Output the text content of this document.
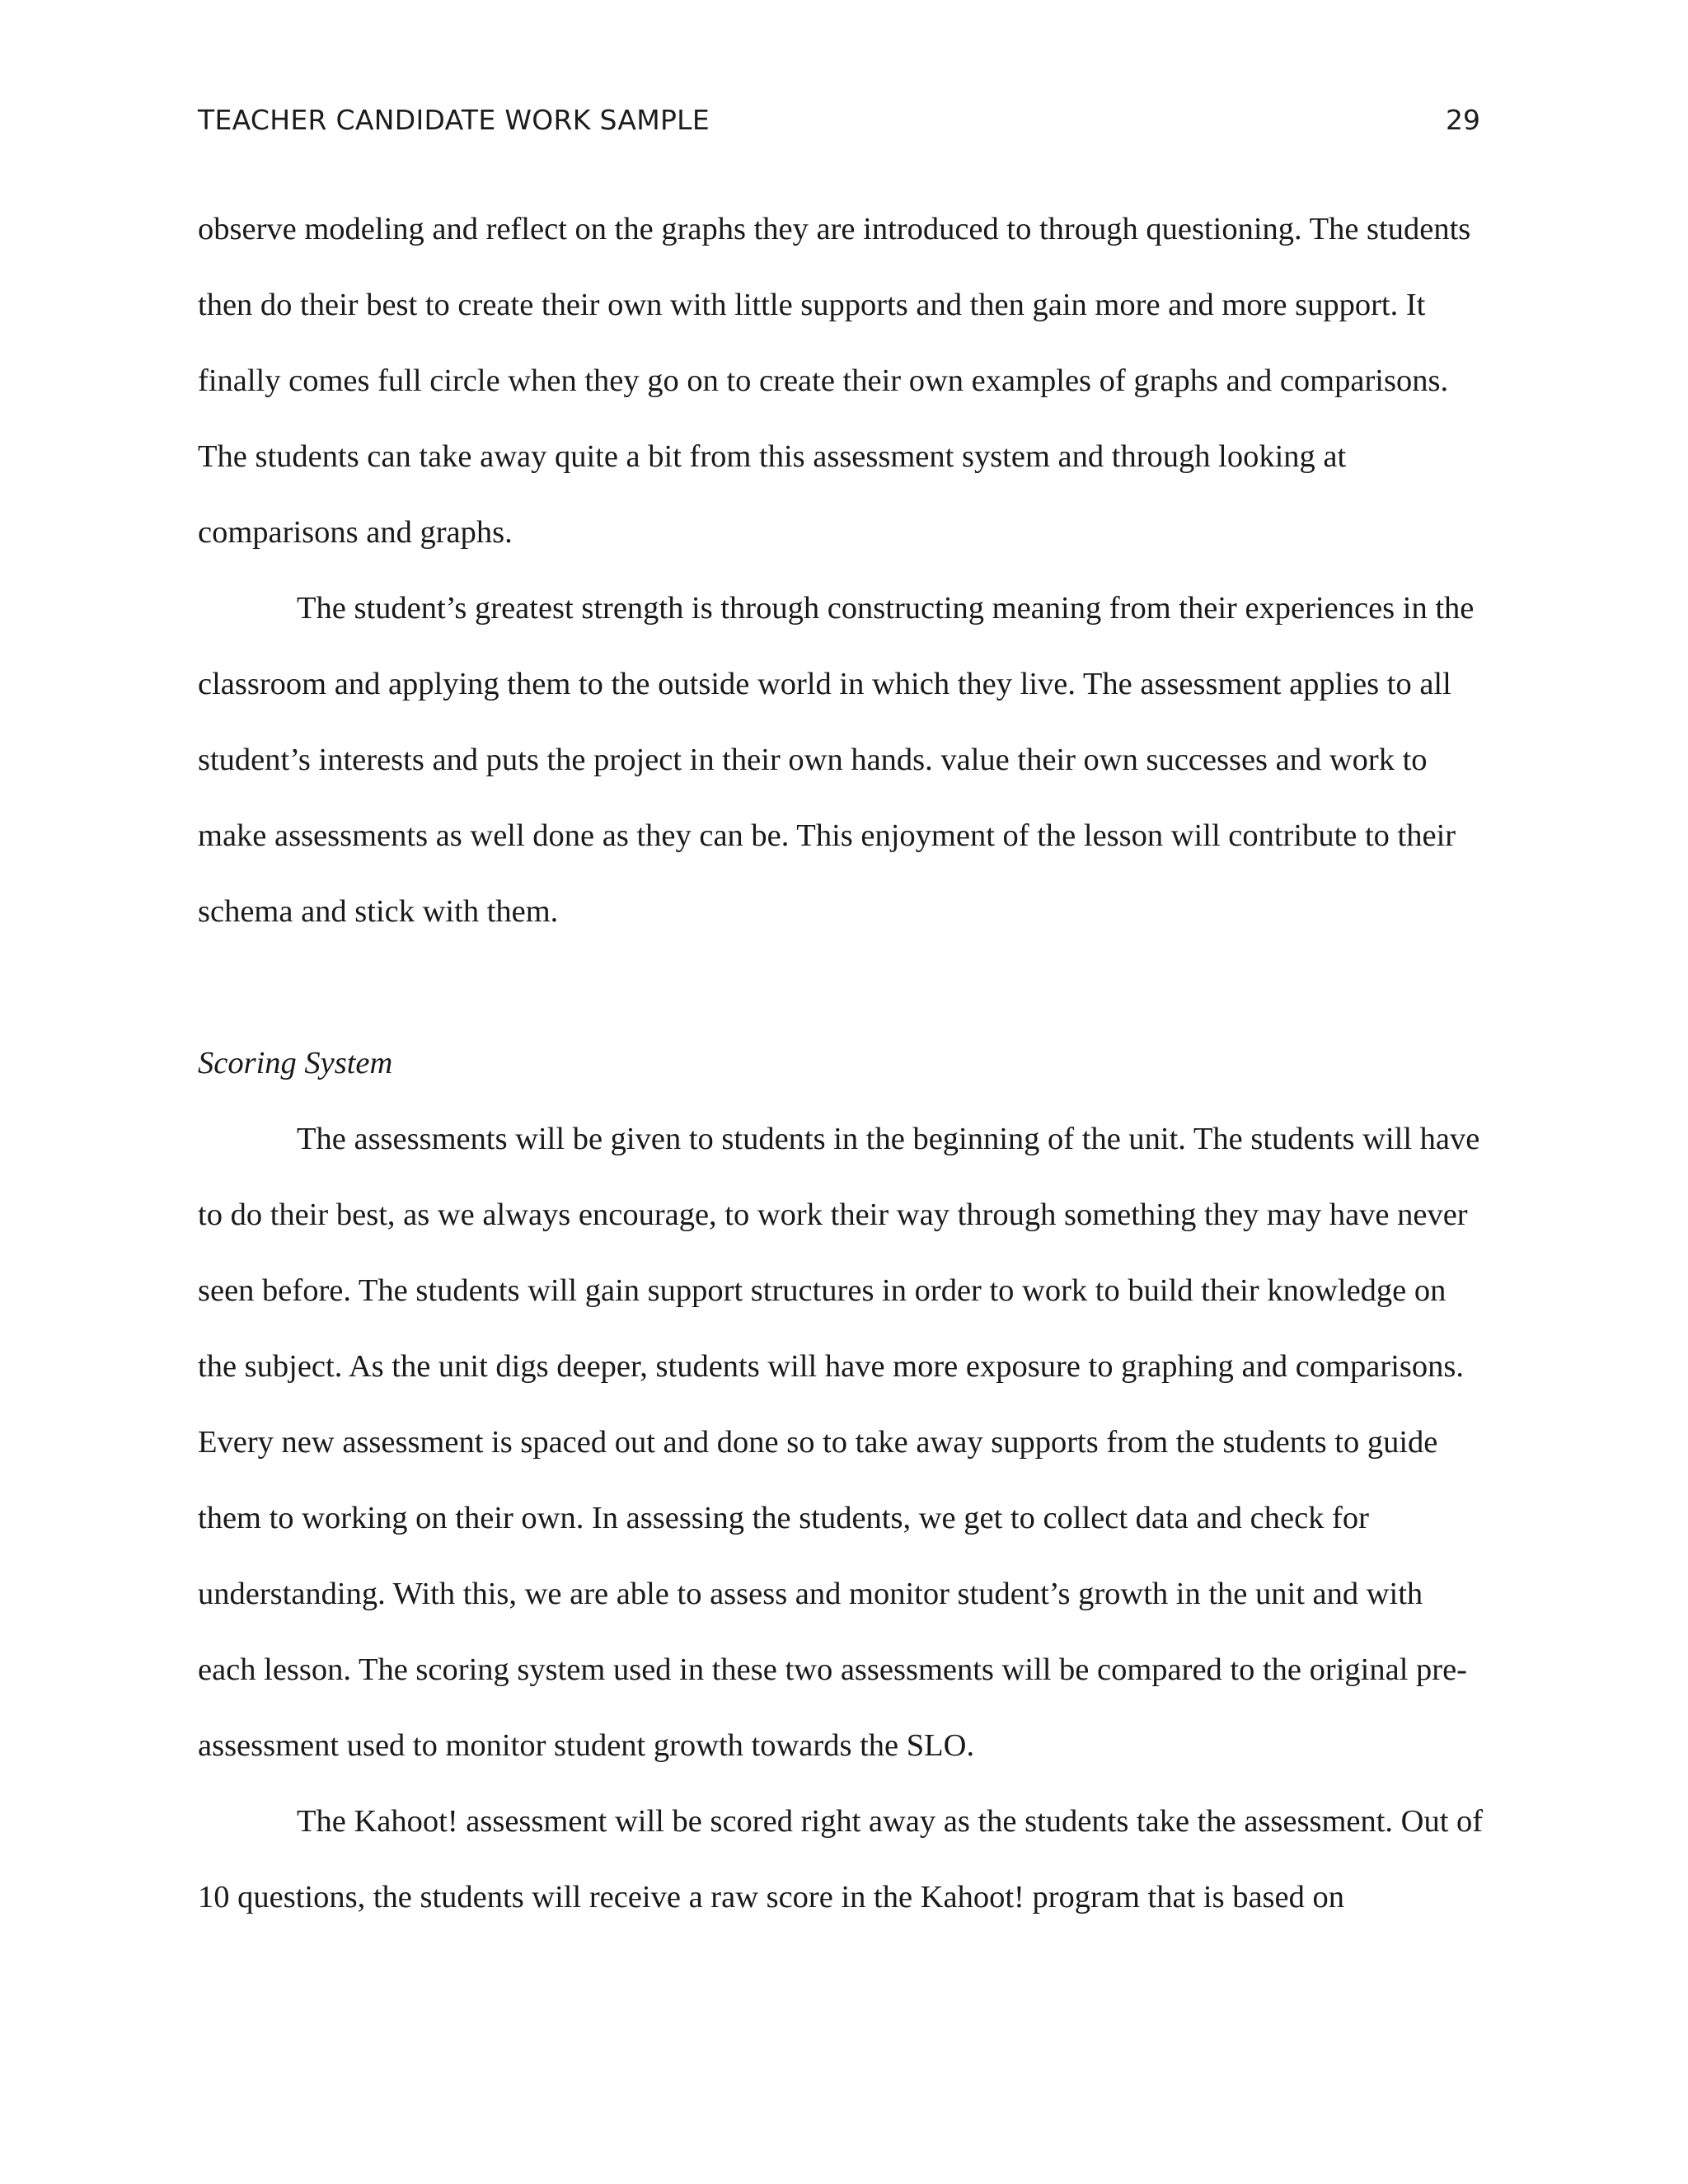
TEACHER CANDIDATE WORK SAMPLE	29

observe modeling and reflect on the graphs they are introduced to through questioning. The students then do their best to create their own with little supports and then gain more and more support. It finally comes full circle when they go on to create their own examples of graphs and comparisons. The students can take away quite a bit from this assessment system and through looking at comparisons and graphs.

The student’s greatest strength is through constructing meaning from their experiences in the classroom and applying them to the outside world in which they live. The assessment applies to all student’s interests and puts the project in their own hands. value their own successes and work to make assessments as well done as they can be. This enjoyment of the lesson will contribute to their schema and stick with them.

Scoring System

The assessments will be given to students in the beginning of the unit. The students will have to do their best, as we always encourage, to work their way through something they may have never seen before. The students will gain support structures in order to work to build their knowledge on the subject. As the unit digs deeper, students will have more exposure to graphing and comparisons. Every new assessment is spaced out and done so to take away supports from the students to guide them to working on their own. In assessing the students, we get to collect data and check for understanding. With this, we are able to assess and monitor student’s growth in the unit and with each lesson. The scoring system used in these two assessments will be compared to the original pre-assessment used to monitor student growth towards the SLO.

The Kahoot! assessment will be scored right away as the students take the assessment. Out of 10 questions, the students will receive a raw score in the Kahoot! program that is based on
